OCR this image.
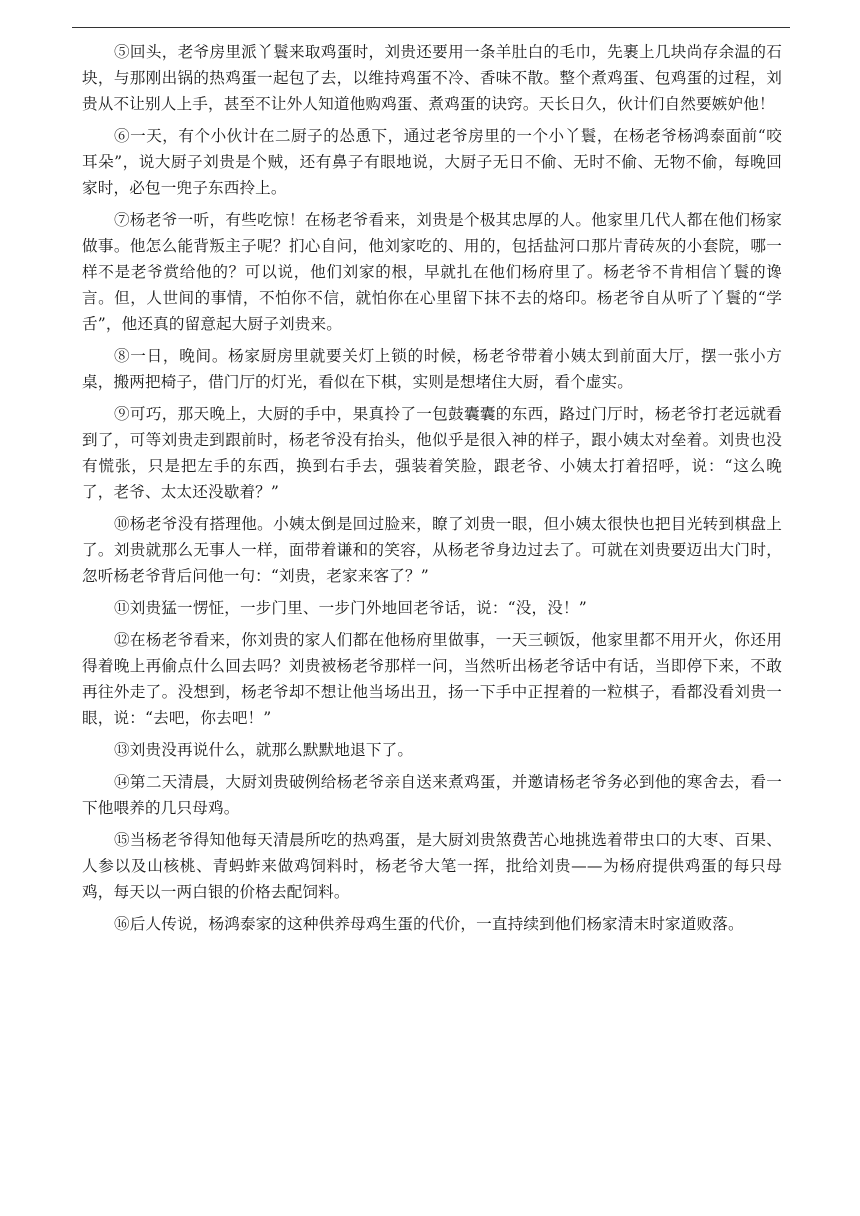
⑤回头，老爷房里派丫鬟来取鸡蛋时，刘贵还要用一条羊肚白的毛巾，先裹上几块尚存余温的石块，与那刚出锅的热鸡蛋一起包了去，以维持鸡蛋不冷、香味不散。整个煮鸡蛋、包鸡蛋的过程，刘贵从不让别人上手，甚至不让外人知道他购鸡蛋、煮鸡蛋的诀窍。天长日久，伙计们自然要嫉妒他！

⑥一天，有个小伙计在二厨子的怂恿下，通过老爷房里的一个小丫鬟，在杨老爷杨鸿泰面前“咬耳朵”，说大厨子刘贵是个贼，还有鼻子有眼地说，大厨子无日不偷、无时不偷、无物不偷，每晚回家时，必包一兜子东西拎上。

⑦杨老爷一听，有些吃惊！在杨老爷看来，刘贵是个极其忠厚的人。他家里几代人都在他们杨家做事。他怎么能背叛主子呢？扪心自问，他刘家吃的、用的，包括盐河口那片青砖灰的小套院，哪一样不是老爷赏给他的？可以说，他们刘家的根，早就扎在他们杨府里了。杨老爷不肯相信丫鬟的谗言。但，人世间的事情，不怕你不信，就怕你在心里留下抹不去的烙印。杨老爷自从听了丫鬟的“学舌”，他还真的留意起大厨子刘贵来。

⑧一日，晚间。杨家厨房里就要关灯上锁的时候，杨老爷带着小姨太到前面大厅，摆一张小方桌，搬两把椅子，借门厅的灯光，看似在下棋，实则是想堵住大厨，看个虚实。

⑨可巧，那天晚上，大厨的手中，果真拎了一包鼓囊囊的东西，路过门厅时，杨老爷打老远就看到了，可等刘贵走到跟前时，杨老爷没有抬头，他似乎是很入神的样子，跟小姨太对垒着。刘贵也没有慌张，只是把左手的东西，换到右手去，强装着笑脸，跟老爷、小姨太打着招呼，说：“这么晚了，老爷、太太还没歇着？”

⑩杨老爷没有搭理他。小姨太倒是回过脸来，瞭了刘贵一眼，但小姨太很快也把目光转到棋盘上了。刘贵就那么无事人一样，面带着谦和的笑容，从杨老爷身边过去了。可就在刘贵要迈出大门时，忽听杨老爷背后问他一句：“刘贵，老家来客了？”

⑪刘贵猛一愣怔，一步门里、一步门外地回老爷话，说：“没，没！”

⑫在杨老爷看来，你刘贵的家人们都在他杨府里做事，一天三顿饭，他家里都不用开火，你还用得着晚上再偷点什么回去吗？刘贵被杨老爷那样一问，当然听出杨老爷话中有话，当即停下来，不敢再往外走了。没想到，杨老爷却不想让他当场出丑，扬一下手中正捏着的一粒棋子，看都没看刘贵一眼，说：“去吧，你去吧！”

⑬刘贵没再说什么，就那么默默地退下了。

⑭第二天清晨，大厨刘贵破例给杨老爷亲自送来煮鸡蛋，并邀请杨老爷务必到他的寒舍去，看一下他喂养的几只母鸡。

⑮当杨老爷得知他每天清晨所吃的热鸡蛋，是大厨刘贵煞费苦心地挑选着带虫口的大枣、百果、人参以及山核桃、青蚂蚱来做鸡饲料时，杨老爷大笔一挥，批给刘贵——为杨府提供鸡蛋的每只母鸡，每天以一两白银的价格去配饲料。

⑯后人传说，杨鸿泰家的这种供养母鸡生蛋的代价，一直持续到他们杨家清末时家道败落。
